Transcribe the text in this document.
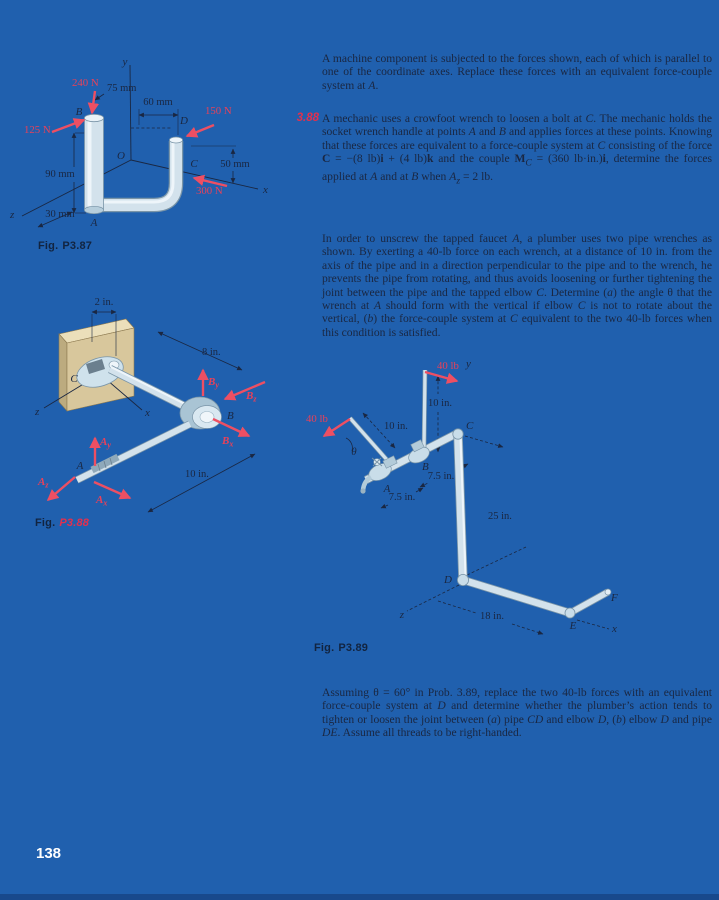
240 N
125 N
150 N
300 N
75 mm
60 mm
50 mm
90 mm
30 mm
B
D
O
C
A
y
x
z
Fig. P3.87
A machine component is subjected to the forces shown, each of which is parallel to one of the coordinate axes. Replace these forces with an equivalent force-couple system at A.
3.88 A mechanic uses a crowfoot wrench to loosen a bolt at C. The mechanic holds the socket wrench handle at points A and B and applies forces at these points. Knowing that these forces are equivalent to a force-couple system at C consisting of the force C = −(8 lb)i + (4 lb)k and the couple $M_C = (360$ lb·in.)i, determine the forces applied at A and at B when $A_z = 2$ lb.
In order to unscrew the tapped faucet A, a plumber uses two pipe wrenches as shown. By exerting a 40-lb force on each wrench, at a distance of 10 in. from the axis of the pipe and in a direction perpendicular to the pipe and to the wrench, he prevents the pipe from rotating, and thus avoids loosening or further tightening the joint between the pipe and the tapped elbow C. Determine (a) the angle θ that the wrench at A should form with the vertical if elbow C is not to rotate about the vertical, (b) the force-couple system at C equivalent to the two 40-lb forces when this condition is satisfied.
2 in.
8 in.
10 in.
$B_y$
$B_z$
$B_x$
$A_y$
$A_z$
$A_x$
C
B
A
x
z
Fig. P3.88
40 lb
40 lb
y
10 in.
10 in.
θ
C
B
A
7.5 in.
7.5 in.
25 in.
D
z	18 in.
E
F
x
Fig. P3.89
Assuming θ = 60° in Prob. 3.89, replace the two 40-lb forces with an equivalent force-couple system at D and determine whether the plumber’s action tends to tighten or loosen the joint between (a) pipe CD and elbow D, (b) elbow D and pipe DE. Assume all threads to be right-handed.
138
